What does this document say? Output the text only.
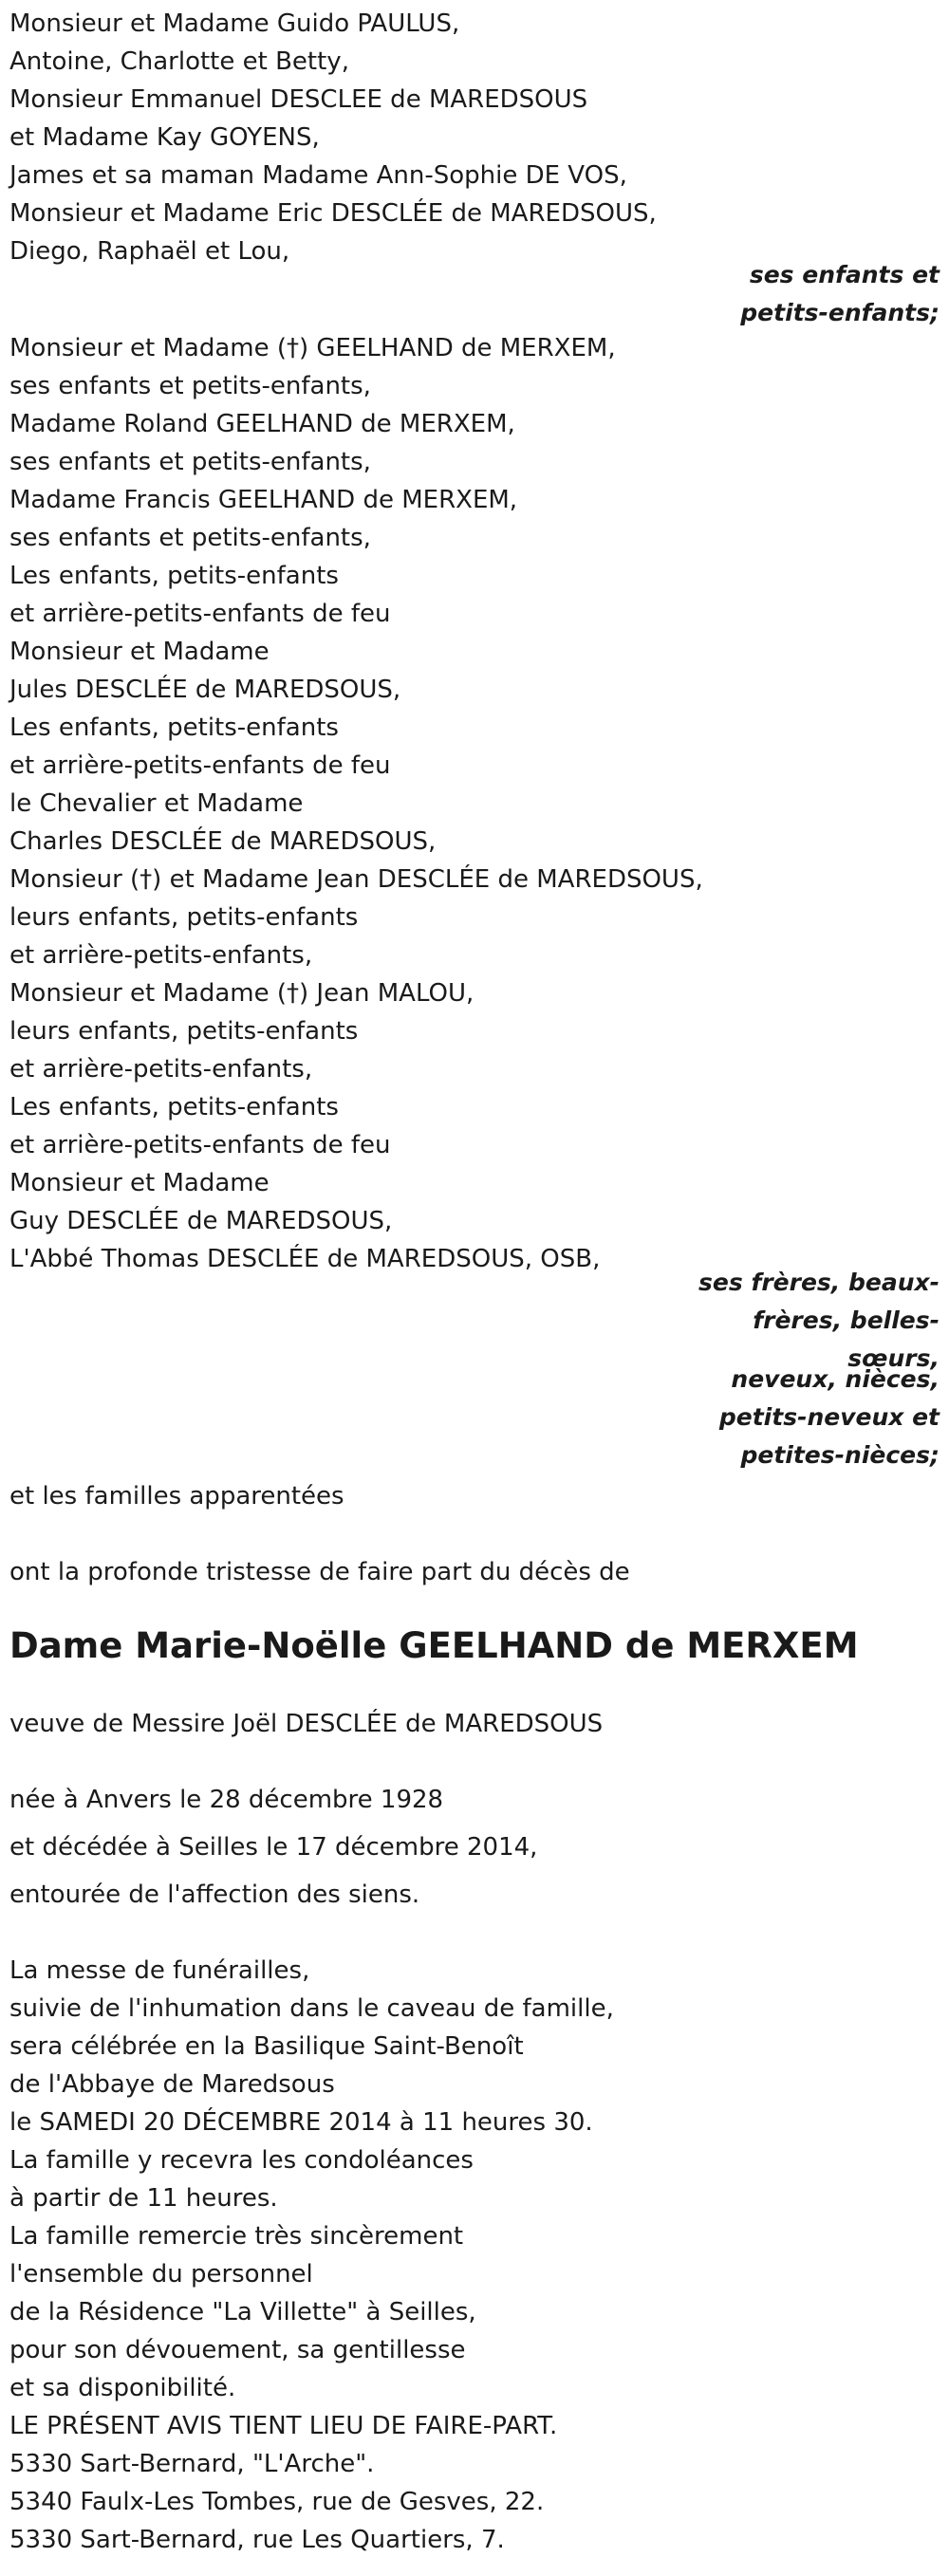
Monsieur et Madame Guido PAULUS,
Antoine, Charlotte et Betty,
Monsieur Emmanuel DESCLEE de MAREDSOUS
et Madame Kay GOYENS,
James et sa maman Madame Ann-Sophie DE VOS,
Monsieur et Madame Eric DESCLÉE de MAREDSOUS,
Diego, Raphaël et Lou,
ses enfants et
petits-enfants;
Monsieur et Madame (†) GEELHAND de MERXEM,
ses enfants et petits-enfants,
Madame Roland GEELHAND de MERXEM,
ses enfants et petits-enfants,
Madame Francis GEELHAND de MERXEM,
ses enfants et petits-enfants,
Les enfants, petits-enfants
et arrière-petits-enfants de feu
Monsieur et Madame
Jules DESCLÉE de MAREDSOUS,
Les enfants, petits-enfants
et arrière-petits-enfants de feu
le Chevalier et Madame
Charles DESCLÉE de MAREDSOUS,
Monsieur (†) et Madame Jean DESCLÉE de MAREDSOUS,
leurs enfants, petits-enfants
et arrière-petits-enfants,
Monsieur et Madame (†) Jean MALOU,
leurs enfants, petits-enfants
et arrière-petits-enfants,
Les enfants, petits-enfants
et arrière-petits-enfants de feu
Monsieur et Madame
Guy DESCLÉE de MAREDSOUS,
L'Abbé Thomas DESCLÉE de MAREDSOUS, OSB,
ses frères, beaux-
frères, belles-
sœurs,
neveux, nièces,
petits-neveux et
petites-nièces;
et les familles apparentées
ont la profonde tristesse de faire part du décès de
Dame Marie-Noëlle GEELHAND de MERXEM
veuve de Messire Joël DESCLÉE de MAREDSOUS
née à Anvers le 28 décembre 1928
et décédée à Seilles le 17 décembre 2014,
entourée de l'affection des siens.
La messe de funérailles,
suivie de l'inhumation dans le caveau de famille,
sera célébrée en la Basilique Saint-Benoît
de l'Abbaye de Maredsous
le SAMEDI 20 DÉCEMBRE 2014 à 11 heures 30.
La famille y recevra les condoléances
à partir de 11 heures.
La famille remercie très sincèrement
l'ensemble du personnel
de la Résidence "La Villette" à Seilles,
pour son dévouement, sa gentillesse
et sa disponibilité.
LE PRÉSENT AVIS TIENT LIEU DE FAIRE-PART.
5330 Sart-Bernard, "L'Arche".
5340 Faulx-Les Tombes, rue de Gesves, 22.
5330 Sart-Bernard, rue Les Quartiers, 7.
